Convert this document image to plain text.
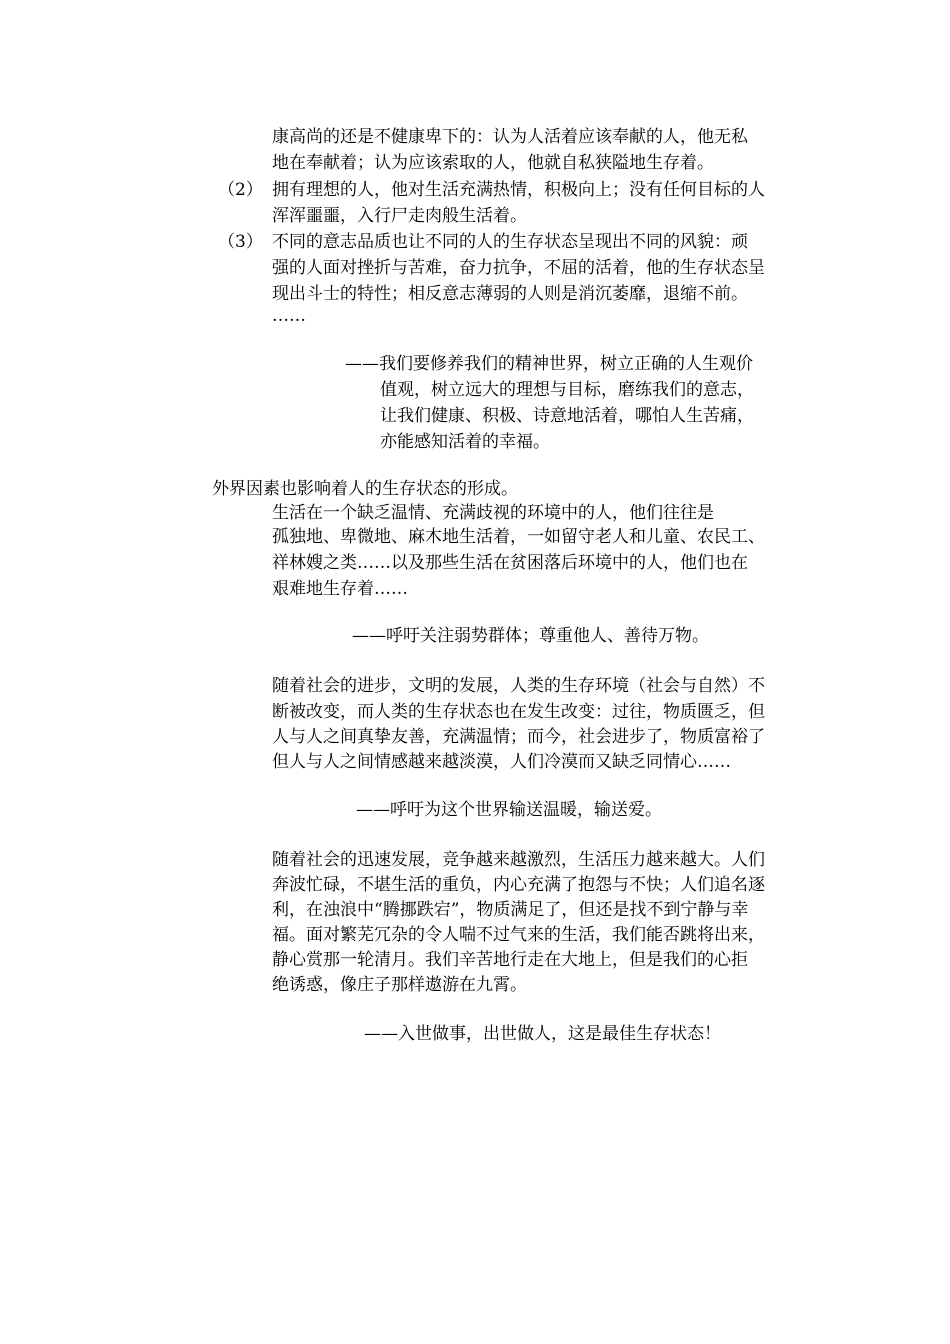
康高尚的还是不健康卑下的：认为人活着应该奉献的人，他无私
地在奉献着；认为应该索取的人，他就自私狭隘地生存着。
（2） 拥有理想的人，他对生活充满热情，积极向上；没有任何目标的人
浑浑噩噩，入行尸走肉般生活着。
（3） 不同的意志品质也让不同的人的生存状态呈现出不同的风貌：顽
强的人面对挫折与苦难，奋力抗争，不屈的活着，他的生存状态呈
现出斗士的特性；相反意志薄弱的人则是消沉萎靡，退缩不前。
……
——我们要修养我们的精神世界，树立正确的人生观价
值观，树立远大的理想与目标，磨练我们的意志，
让我们健康、积极、诗意地活着，哪怕人生苦痛，
亦能感知活着的幸福。
外界因素也影响着人的生存状态的形成。
生活在一个缺乏温情、充满歧视的环境中的人，他们往往是
孤独地、卑微地、麻木地生活着，一如留守老人和儿童、农民工、
祥林嫂之类……以及那些生活在贫困落后环境中的人，他们也在
艰难地生存着……
——呼吁关注弱势群体；尊重他人、善待万物。
随着社会的进步，文明的发展，人类的生存环境（社会与自然）不
断被改变，而人类的生存状态也在发生改变：过往，物质匮乏，但
人与人之间真挚友善，充满温情；而今，社会进步了，物质富裕了
但人与人之间情感越来越淡漠，人们冷漠而又缺乏同情心……
——呼吁为这个世界输送温暖，输送爱。
随着社会的迅速发展，竞争越来越激烈，生活压力越来越大。人们
奔波忙碌，不堪生活的重负，内心充满了抱怨与不快；人们追名逐
利，在浊浪中“腾挪跌宕”，物质满足了，但还是找不到宁静与幸
福。面对繁芜冗杂的令人喘不过气来的生活，我们能否跳将出来，
静心赏那一轮清月。我们辛苦地行走在大地上，但是我们的心拒
绝诱惑，像庄子那样遨游在九霄。
——入世做事，出世做人，这是最佳生存状态！
